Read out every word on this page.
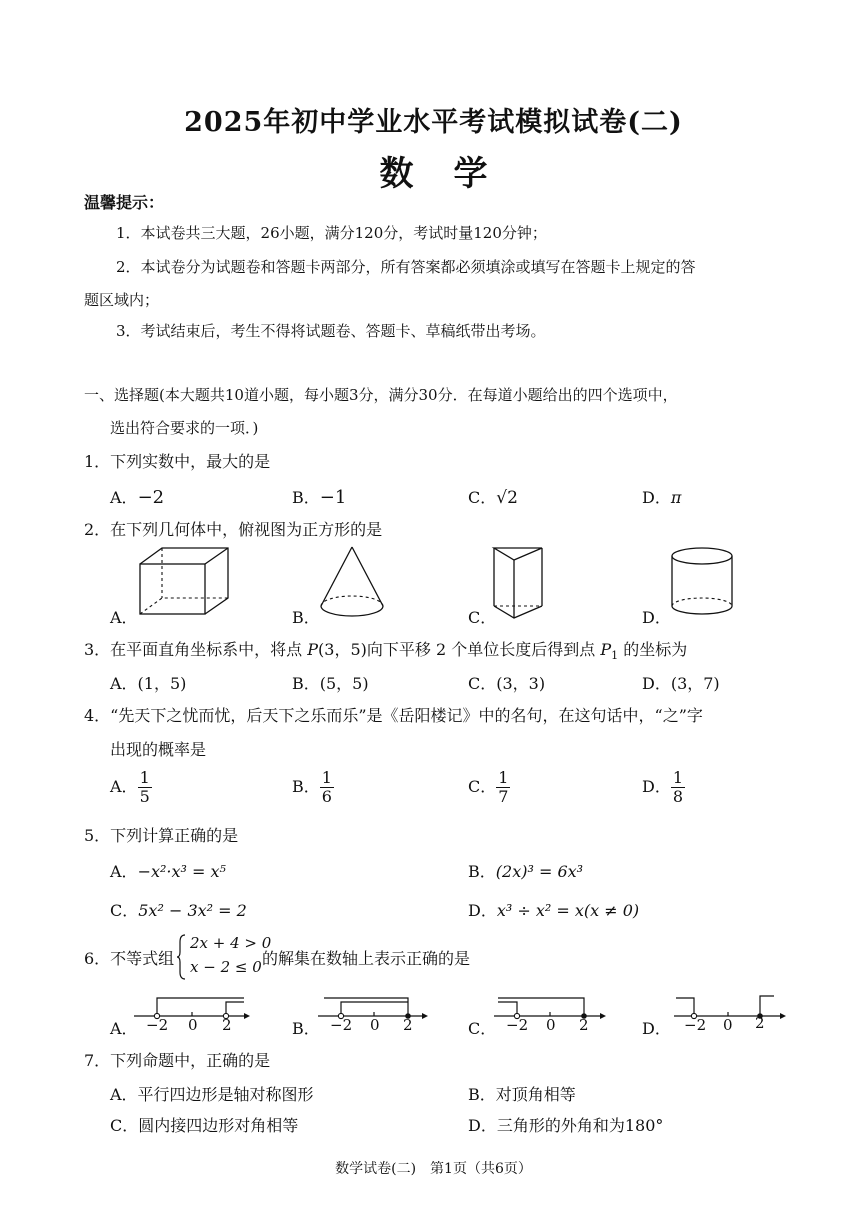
2025年初中学业水平考试模拟试卷(二)
数学
温馨提示：
1．本试卷共三大题，26小题，满分120分，考试时量120分钟；
2．本试卷分为试题卷和答题卡两部分，所有答案都必须填涂或填写在答题卡上规定的答
题区域内；
3．考试结束后，考生不得将试题卷、答题卡、草稿纸带出考场。
一、选择题(本大题共10道小题，每小题3分，满分30分．在每道小题给出的四个选项中，
选出符合要求的一项．)
1．下列实数中，最大的是
A．−2	B．−1	C．√2	D．π
2．在下列几何体中，俯视图为正方形的是
A．	B．	C．	D．
3．在平面直角坐标系中，将点 P(3，5)向下平移 2 个单位长度后得到点 $P_1$ 的坐标为
A．(1，5)	B．(5，5)	C．(3，3)	D．(3，7)
4．“先天下之忧而忧，后天下之乐而乐”是《岳阳楼记》中的名句，在这句话中，“之”字
出现的概率是
A． $\frac{1}{5}$	B． $\frac{1}{6}$	C． $\frac{1}{7}$	D． $\frac{1}{8}$
5．下列计算正确的是
A．−x²·x³ = x⁵	B．(2x)³ = 6x³
C．5x² − 3x² = 2	D．x³ ÷ x² = x(x ≠ 0)
6．不等式组
2x + 4 > 0
x − 2 ≤ 0 的解集在数轴上表示正确的是
A．	B．	C．	D．
−2 0 2	−2 0 2	−2 0 2	−2 0 2
7．下列命题中，正确的是
A．平行四边形是轴对称图形	B．对顶角相等
C．圆内接四边形对角相等	D．三角形的外角和为180°
数学试卷(二)　第1页（共6页）
